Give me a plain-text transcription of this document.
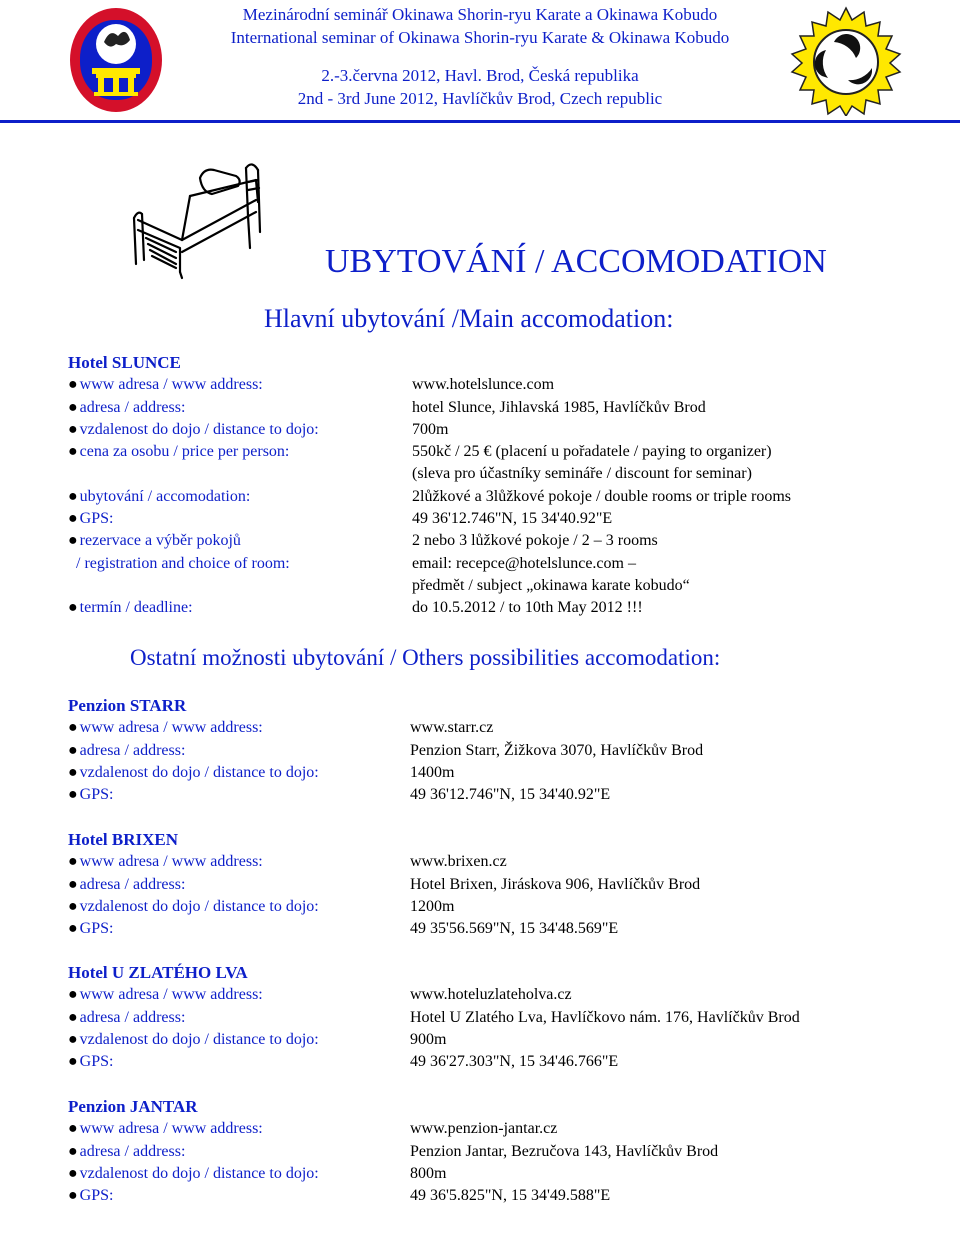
Mezinárodní seminář Okinawa Shorin-ryu Karate a Okinawa Kobudo
International seminar of Okinawa Shorin-ryu Karate & Okinawa Kobudo
2.-3.června 2012, Havl. Brod, Česká republika
2nd - 3rd June 2012, Havlíčkův Brod, Czech republic
UBYTOVÁNÍ / ACCOMODATION
Hlavní ubytování /Main accomodation:
Hotel SLUNCE
● www adresa / www address:	www.hotelslunce.com
● adresa / address:	hotel Slunce, Jihlavská 1985, Havlíčkův Brod
● vzdalenost do dojo / distance to dojo:	700m
● cena za osobu / price per person:	550kč / 25 € (placení u pořadatele / paying to organizer)
(sleva pro účastníky semináře / discount for seminar)
● ubytování / accomodation:	2lůžkové a 3lůžkové pokoje / double rooms or triple rooms
● GPS:	49 36'12.746"N, 15 34'40.92"E
● rezervace a výběr pokojů	2 nebo 3 lůžkové pokoje / 2 – 3 rooms
/ registration and choice of room:	email: recepce@hotelslunce.com –
předmět / subject „okinawa karate kobudo“
● termín / deadline:	do 10.5.2012 / to 10th May 2012 !!!
Ostatní možnosti ubytování / Others possibilities accomodation:
Penzion STARR
● www adresa / www address:	www.starr.cz
● adresa / address:	Penzion Starr, Žižkova 3070, Havlíčkův Brod
● vzdalenost do dojo / distance to dojo:	1400m
● GPS:	49 36'12.746"N, 15 34'40.92"E
Hotel BRIXEN
● www adresa / www address:	www.brixen.cz
● adresa / address:	Hotel Brixen, Jiráskova 906, Havlíčkův Brod
● vzdalenost do dojo / distance to dojo:	1200m
● GPS:	49 35'56.569"N, 15 34'48.569"E
Hotel U ZLATÉHO LVA
● www adresa / www address:	www.hoteluzlateholva.cz
● adresa / address:	Hotel U Zlatého Lva, Havlíčkovo nám. 176, Havlíčkův Brod
● vzdalenost do dojo / distance to dojo:	900m
● GPS:	49 36'27.303"N, 15 34'46.766"E
Penzion JANTAR
● www adresa / www address:	www.penzion-jantar.cz
● adresa / address:	Penzion Jantar, Bezručova 143, Havlíčkův Brod
● vzdalenost do dojo / distance to dojo:	800m
● GPS:	49 36'5.825"N, 15 34'49.588"E
